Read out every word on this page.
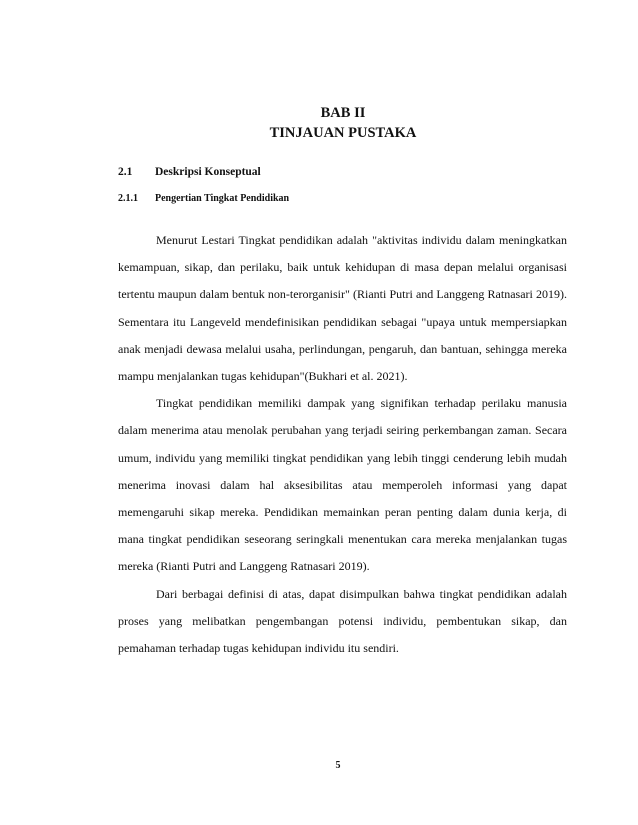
BAB II
TINJAUAN PUSTAKA
2.1 Deskripsi Konseptual
2.1.1 Pengertian Tingkat Pendidikan

Menurut Lestari Tingkat pendidikan adalah "aktivitas individu dalam meningkatkan kemampuan, sikap, dan perilaku, baik untuk kehidupan di masa depan melalui organisasi tertentu maupun dalam bentuk non-terorganisir" (Rianti Putri and Langgeng Ratnasari 2019). Sementara itu Langeveld mendefinisikan pendidikan sebagai "upaya untuk mempersiapkan anak menjadi dewasa melalui usaha, perlindungan, pengaruh, dan bantuan, sehingga mereka mampu menjalankan tugas kehidupan"(Bukhari et al. 2021).

Tingkat pendidikan memiliki dampak yang signifikan terhadap perilaku manusia dalam menerima atau menolak perubahan yang terjadi seiring perkembangan zaman. Secara umum, individu yang memiliki tingkat pendidikan yang lebih tinggi cenderung lebih mudah menerima inovasi dalam hal aksesibilitas atau memperoleh informasi yang dapat memengaruhi sikap mereka. Pendidikan memainkan peran penting dalam dunia kerja, di mana tingkat pendidikan seseorang seringkali menentukan cara mereka menjalankan tugas mereka (Rianti Putri and Langgeng Ratnasari 2019).

Dari berbagai definisi di atas, dapat disimpulkan bahwa tingkat pendidikan adalah proses yang melibatkan pengembangan potensi individu, pembentukan sikap, dan pemahaman terhadap tugas kehidupan individu itu sendiri.

5
